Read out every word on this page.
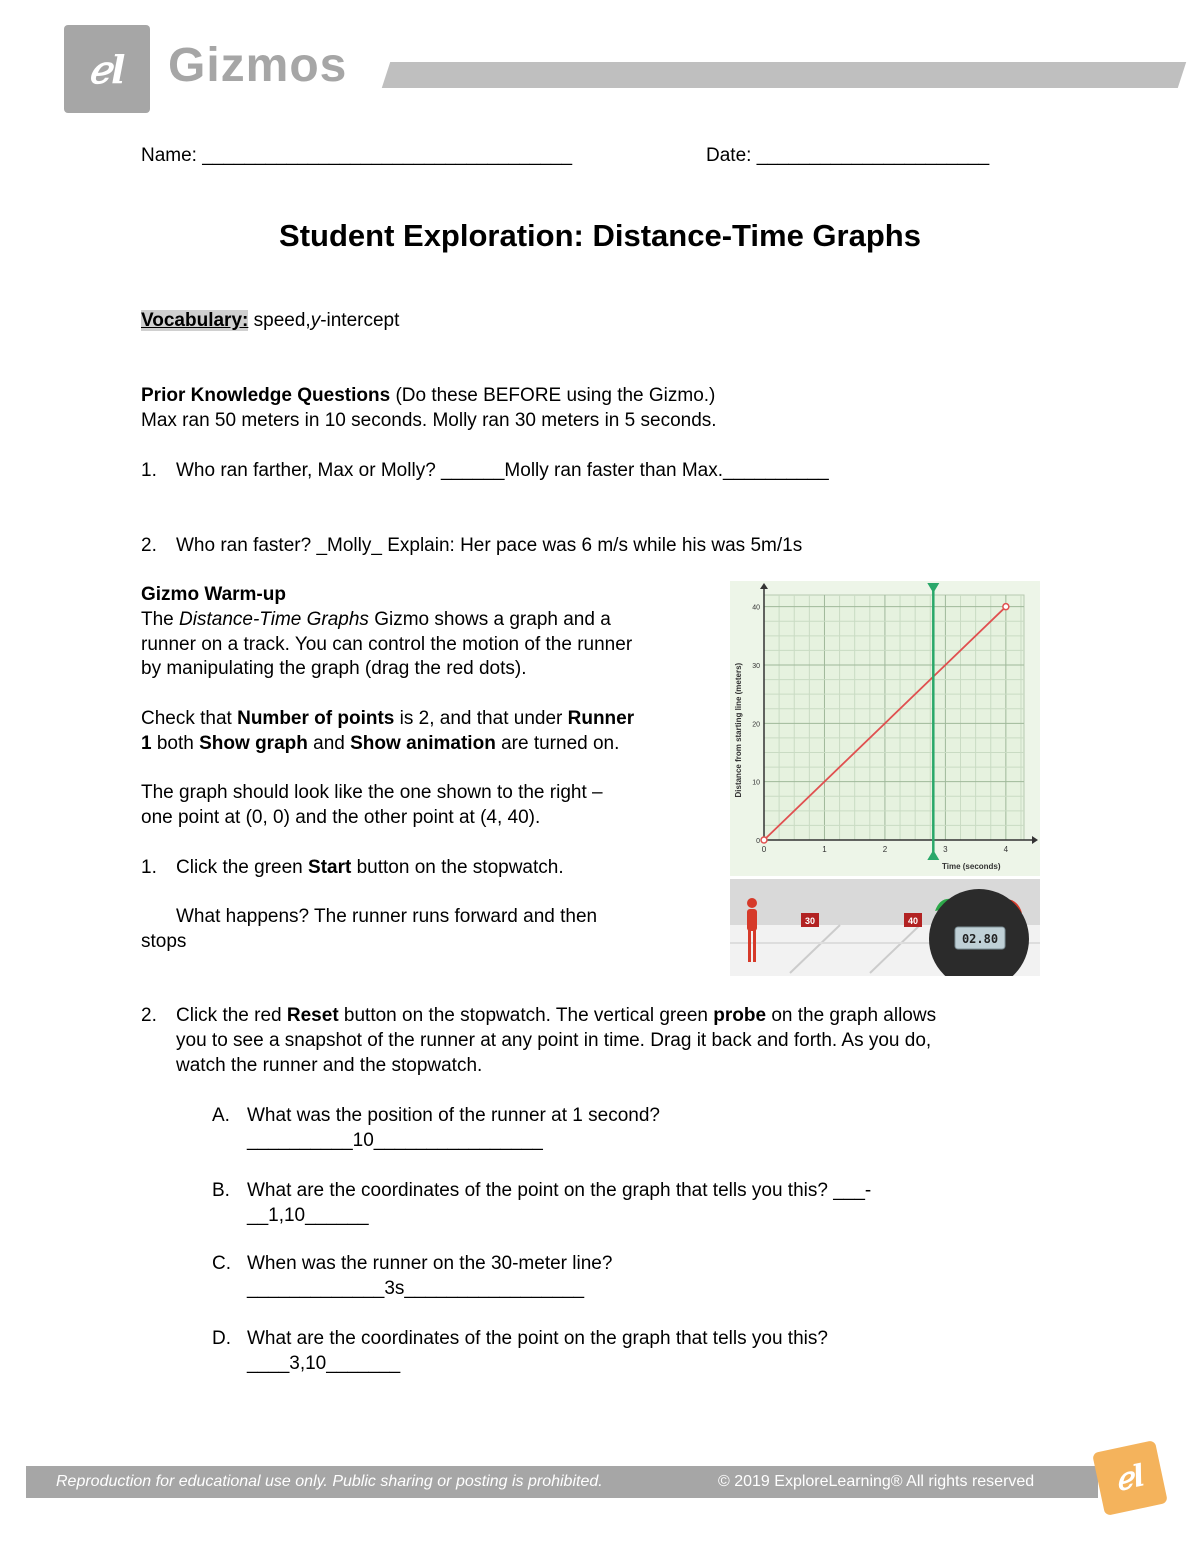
ℯl Gizmos
Name: ___________________________________	Date: ______________________
Student Exploration: Distance-Time Graphs
Vocabulary: speed,y-intercept
Prior Knowledge Questions (Do these BEFORE using the Gizmo.)
Max ran 50 meters in 10 seconds. Molly ran 30 meters in 5 seconds.
1. Who ran farther, Max or Molly? ______Molly ran faster than Max.__________
2. Who ran faster? _Molly_ Explain: Her pace was 6 m/s while his was 5m/1s
Gizmo Warm-up
The Distance-Time Graphs Gizmo shows a graph and a
runner on a track. You can control the motion of the runner
by manipulating the graph (drag the red dots).
Check that Number of points is 2, and that under Runner
1 both Show graph and Show animation are turned on.
The graph should look like the one shown to the right –
one point at (0, 0) and the other point at (4, 40).
1. Click the green Start button on the stopwatch.
What happens? The runner runs forward and then
stops
2. Click the red Reset button on the stopwatch. The vertical green probe on the graph allows
you to see a snapshot of the runner at any point in time. Drag it back and forth. As you do,
watch the runner and the stopwatch.
A. What was the position of the runner at 1 second?
__________10________________
B. What are the coordinates of the point on the graph that tells you this? ___-
__1,10______
C. When was the runner on the 30-meter line?
_____________3s_________________
D. What are the coordinates of the point on the graph that tells you this?
____3,10_______
0	1	2	3	4
0
10
20
30
40
Distance from starting line (meters)
Time (seconds)
30	40
02.80
Reproduction for educational use only. Public sharing or posting is prohibited.	© 2019 ExploreLearning® All rights reserved	ℯl
